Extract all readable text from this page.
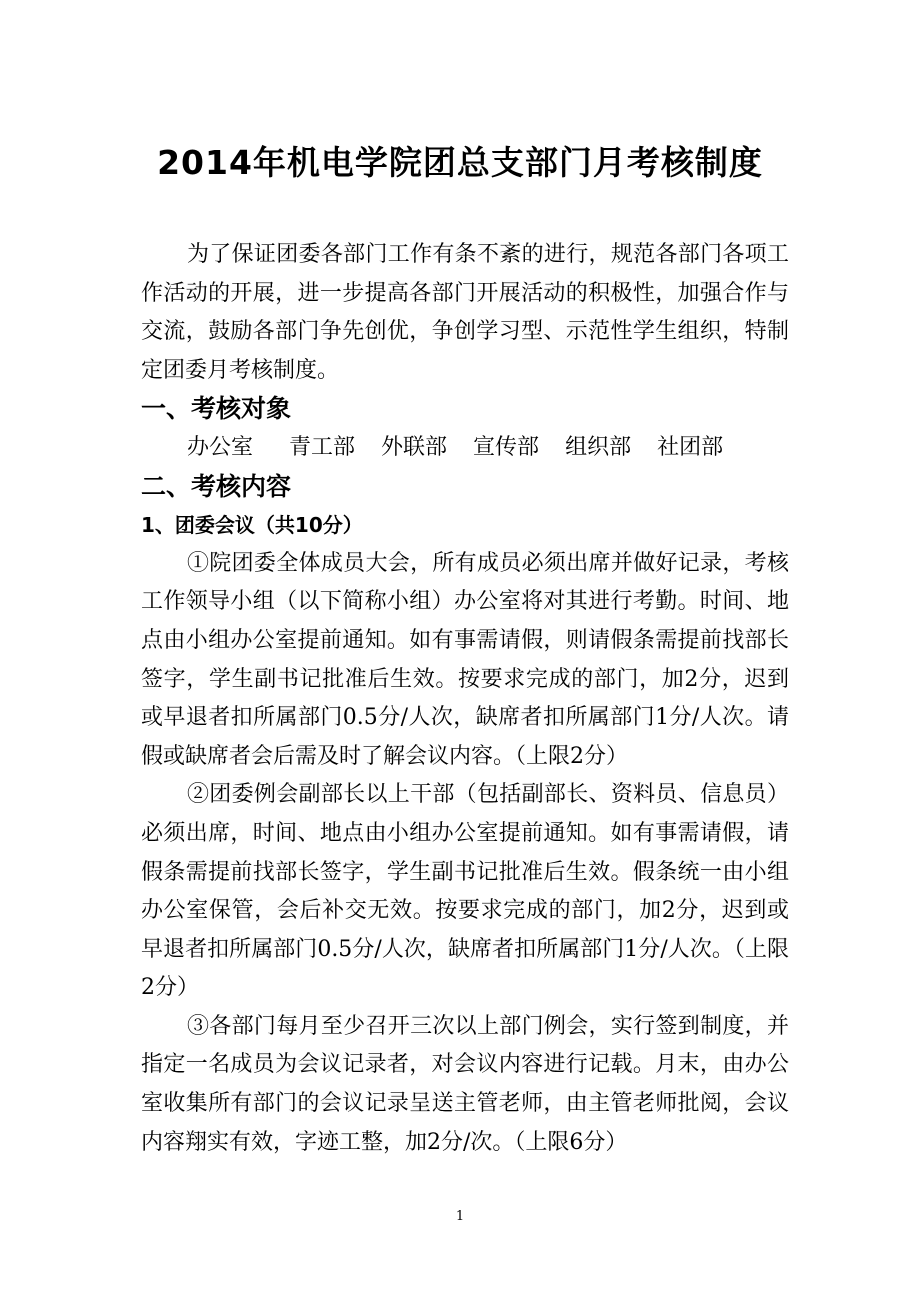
2014年机电学院团总支部门月考核制度

为了保证团委各部门工作有条不紊的进行，规范各部门各项工作活动的开展，进一步提高各部门开展活动的积极性，加强合作与交流，鼓励各部门争先创优，争创学习型、示范性学生组织，特制定团委月考核制度。

一、考核对象
办公室 青工部 外联部 宣传部 组织部 社团部
二、考核内容
1、团委会议（共10分）

①院团委全体成员大会，所有成员必须出席并做好记录，考核工作领导小组（以下简称小组）办公室将对其进行考勤。时间、地点由小组办公室提前通知。如有事需请假，则请假条需提前找部长签字，学生副书记批准后生效。按要求完成的部门，加2分，迟到或早退者扣所属部门0.5分/人次，缺席者扣所属部门1分/人次。请假或缺席者会后需及时了解会议内容。（上限2分）

②团委例会副部长以上干部（包括副部长、资料员、信息员）必须出席，时间、地点由小组办公室提前通知。如有事需请假，请假条需提前找部长签字，学生副书记批准后生效。假条统一由小组办公室保管，会后补交无效。按要求完成的部门，加2分，迟到或早退者扣所属部门0.5分/人次，缺席者扣所属部门1分/人次。（上限2分）

③各部门每月至少召开三次以上部门例会，实行签到制度，并指定一名成员为会议记录者，对会议内容进行记载。月末，由办公室收集所有部门的会议记录呈送主管老师，由主管老师批阅，会议内容翔实有效，字迹工整，加2分/次。（上限6分）

1
